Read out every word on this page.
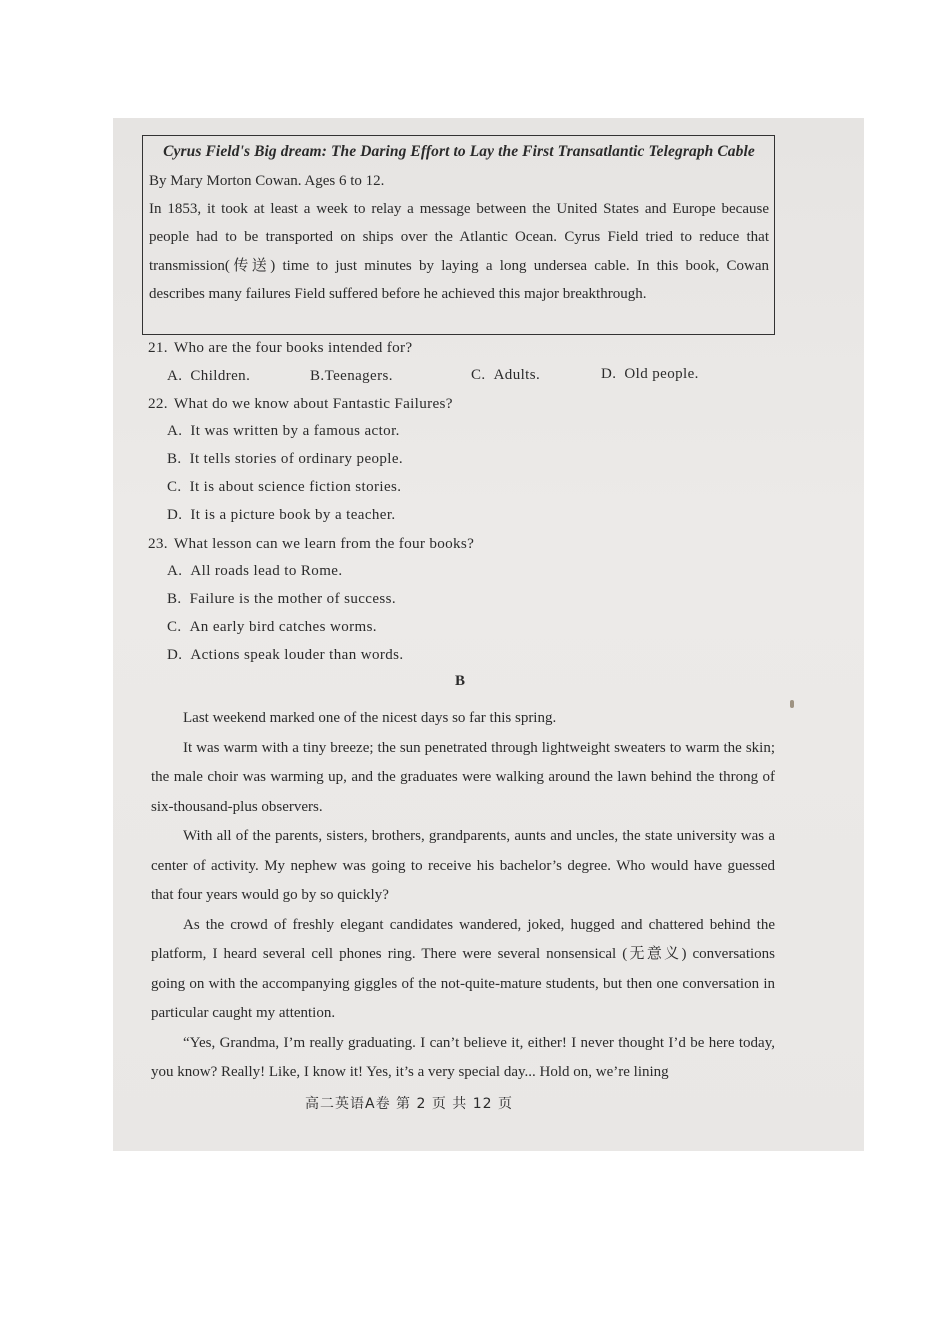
Cyrus Field's Big dream: The Daring Effort to Lay the First Transatlantic Telegraph Cable
By Mary Morton Cowan. Ages 6 to 12.
In 1853, it took at least a week to relay a message between the United States and Europe because people had to be transported on ships over the Atlantic Ocean. Cyrus Field tried to reduce that transmission(传送) time to just minutes by laying a long undersea cable. In this book, Cowan describes many failures Field suffered before he achieved this major breakthrough.
21. Who are the four books intended for?
A. Children.	B.Teenagers.	C. Adults.	D. Old people.
22. What do we know about Fantastic Failures?
A. It was written by a famous actor.
B. It tells stories of ordinary people.
C. It is about science fiction stories.
D. It is a picture book by a teacher.
23. What lesson can we learn from the four books?
A. All roads lead to Rome.
B. Failure is the mother of success.
C. An early bird catches worms.
D. Actions speak louder than words.
B

Last weekend marked one of the nicest days so far this spring.

It was warm with a tiny breeze; the sun penetrated through lightweight sweaters to warm the skin; the male choir was warming up, and the graduates were walking around the lawn behind the throng of six-thousand-plus observers.

With all of the parents, sisters, brothers, grandparents, aunts and uncles, the state university was a center of activity. My nephew was going to receive his bachelor’s degree. Who would have guessed that four years would go by so quickly?

As the crowd of freshly elegant candidates wandered, joked, hugged and chattered behind the platform, I heard several cell phones ring. There were several nonsensical (无意义) conversations going on with the accompanying giggles of the not-quite-mature students, but then one conversation in particular caught my attention.

“Yes, Grandma, I’m really graduating. I can’t believe it, either! I never thought I’d be here today, you know? Really! Like, I know it! Yes, it’s a very special day... Hold on, we’re lining

高二英语A卷 第 2 页 共 12 页
